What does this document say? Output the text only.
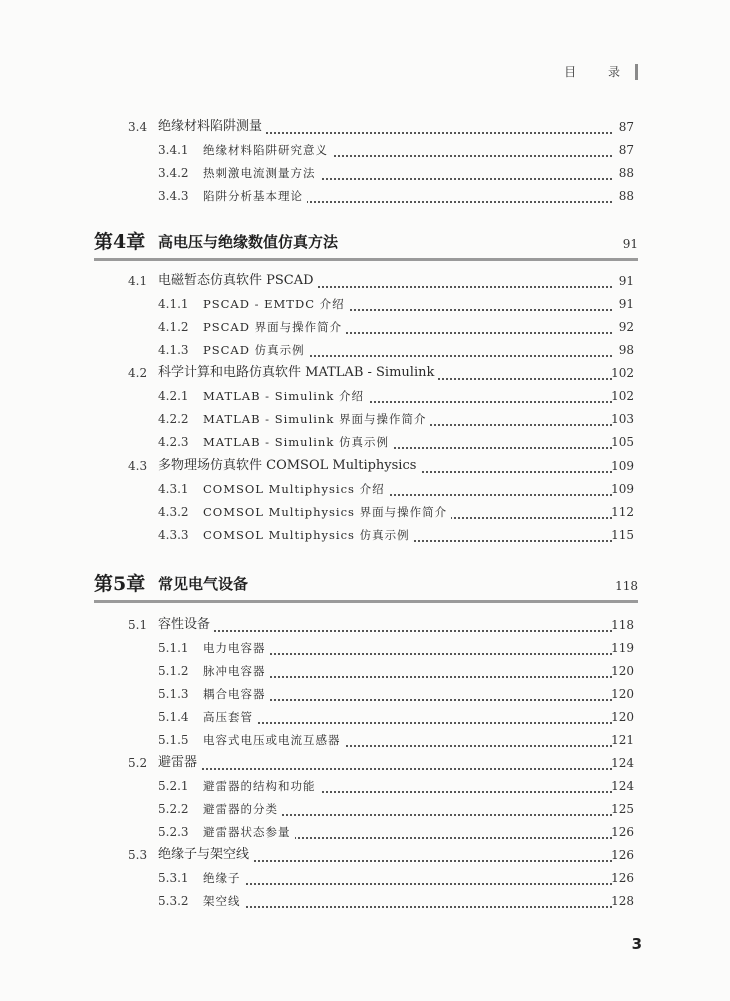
目 录
3.4 绝缘材料陷阱测量	87
3.4.1 绝缘材料陷阱研究意义	87
3.4.2 热刺激电流测量方法	88
3.4.3 陷阱分析基本理论	88
第4章 高电压与绝缘数值仿真方法	91
4.1 电磁暂态仿真软件 PSCAD	91
4.1.1 PSCAD - EMTDC 介绍	91
4.1.2 PSCAD 界面与操作简介	92
4.1.3 PSCAD 仿真示例	98
4.2 科学计算和电路仿真软件 MATLAB - Simulink	102
4.2.1 MATLAB - Simulink 介绍	102
4.2.2 MATLAB - Simulink 界面与操作简介	103
4.2.3 MATLAB - Simulink 仿真示例	105
4.3 多物理场仿真软件 COMSOL Multiphysics	109
4.3.1 COMSOL Multiphysics 介绍	109
4.3.2 COMSOL Multiphysics 界面与操作简介	112
4.3.3 COMSOL Multiphysics 仿真示例	115
第5章 常见电气设备	118
5.1 容性设备	118
5.1.1 电力电容器	119
5.1.2 脉冲电容器	120
5.1.3 耦合电容器	120
5.1.4 高压套管	120
5.1.5 电容式电压或电流互感器	121
5.2 避雷器	124
5.2.1 避雷器的结构和功能	124
5.2.2 避雷器的分类	125
5.2.3 避雷器状态参量	126
5.3 绝缘子与架空线	126
5.3.1 绝缘子	126
5.3.2 架空线	128
3
